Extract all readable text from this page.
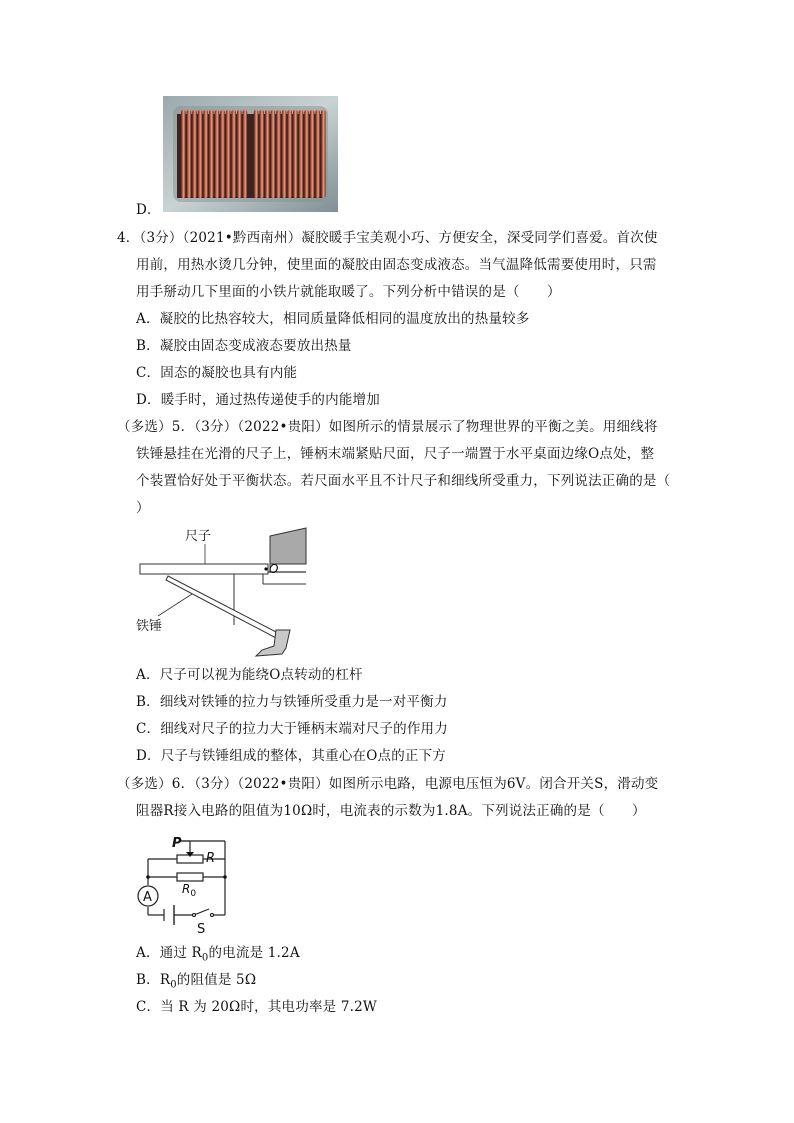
D．
4．（3分）（2021•黔西南州）凝胶暖手宝美观小巧、方便安全，深受同学们喜爱。首次使
用前，用热水烫几分钟，使里面的凝胶由固态变成液态。当气温降低需要使用时，只需
用手掰动几下里面的小铁片就能取暖了。下列分析中错误的是（　　）
A．凝胶的比热容较大，相同质量降低相同的温度放出的热量较多
B．凝胶由固态变成液态要放出热量
C．固态的凝胶也具有内能
D．暖手时，通过热传递使手的内能增加
（多选）5．（3分）（2022•贵阳）如图所示的情景展示了物理世界的平衡之美。用细线将
铁锤悬挂在光滑的尺子上，锤柄末端紧贴尺面，尺子一端置于水平桌面边缘O点处，整
个装置恰好处于平衡状态。若尺面水平且不计尺子和细线所受重力，下列说法正确的是（
）
尺子
O
铁锤
A．尺子可以视为能绕O点转动的杠杆
B．细线对铁锤的拉力与铁锤所受重力是一对平衡力
C．细线对尺子的拉力大于锤柄末端对尺子的作用力
D．尺子与铁锤组成的整体，其重心在O点的正下方
（多选）6．（3分）（2022•贵阳）如图所示电路，电源电压恒为6V。闭合开关S，滑动变
阻器R接入电路的阻值为10Ω时，电流表的示数为1.8A。下列说法正确的是（　　）
A
P
R
$R_0$
S
A．通过 $R_0$的电流是 1.2A
B．$R_0$的阻值是 5Ω
C．当 R 为 20Ω时，其电功率是 7.2W
